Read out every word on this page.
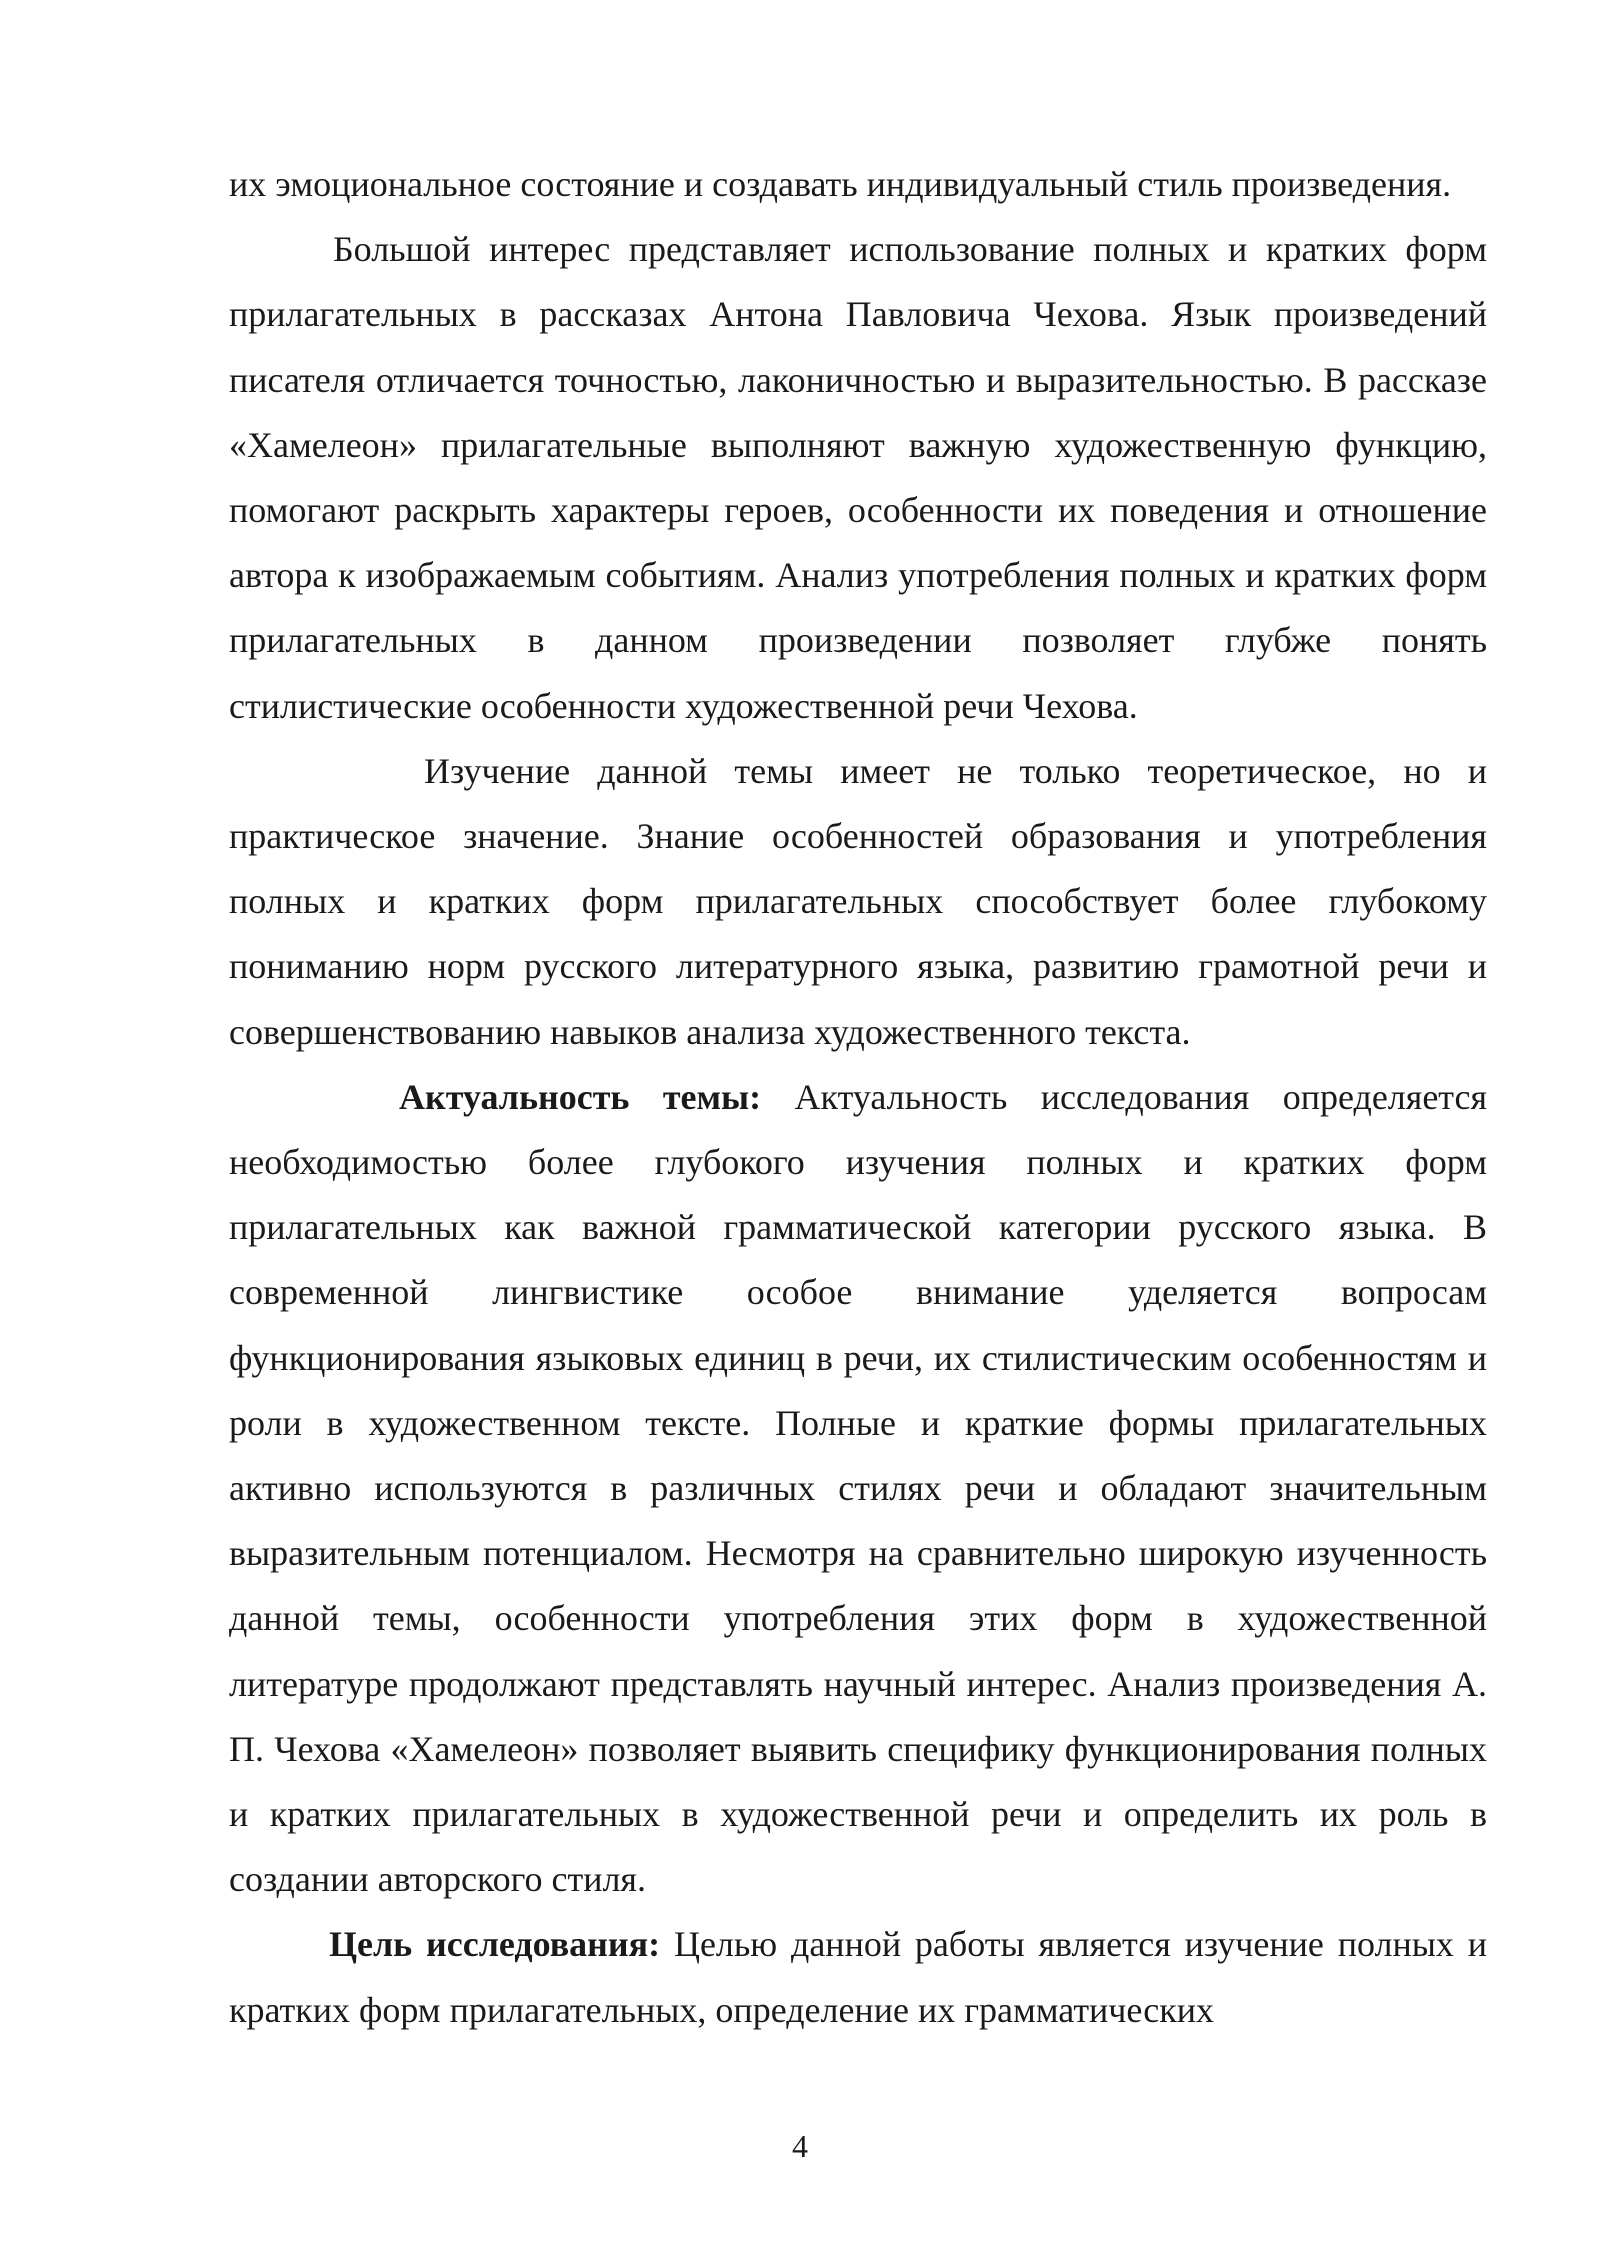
их эмоциональное состояние и создавать индивидуальный стиль произведения.

Большой интерес представляет использование полных и кратких форм прилагательных в рассказах Антона Павловича Чехова. Язык произведений писателя отличается точностью, лаконичностью и выразительностью. В рассказе «Хамелеон» прилагательные выполняют важную художественную функцию, помогают раскрыть характеры героев, особенности их поведения и отношение автора к изображаемым событиям. Анализ употребления полных и кратких форм прилагательных в данном произведении позволяет глубже понять стилистические особенности художественной речи Чехова.

Изучение данной темы имеет не только теоретическое, но и практическое значение. Знание особенностей образования и употребления полных и кратких форм прилагательных способствует более глубокому пониманию норм русского литературного языка, развитию грамотной речи и совершенствованию навыков анализа художественного текста.

Актуальность темы: Актуальность исследования определяется необходимостью более глубокого изучения полных и кратких форм прилагательных как важной грамматической категории русского языка. В современной лингвистике особое внимание уделяется вопросам функционирования языковых единиц в речи, их стилистическим особенностям и роли в художественном тексте. Полные и краткие формы прилагательных активно используются в различных стилях речи и обладают значительным выразительным потенциалом. Несмотря на сравнительно широкую изученность данной темы, особенности употребления этих форм в художественной литературе продолжают представлять научный интерес. Анализ произведения А. П. Чехова «Хамелеон» позволяет выявить специфику функционирования полных и кратких прилагательных в художественной речи и определить их роль в создании авторского стиля.

Цель исследования: Целью данной работы является изучение полных и кратких форм прилагательных, определение их грамматических

4
